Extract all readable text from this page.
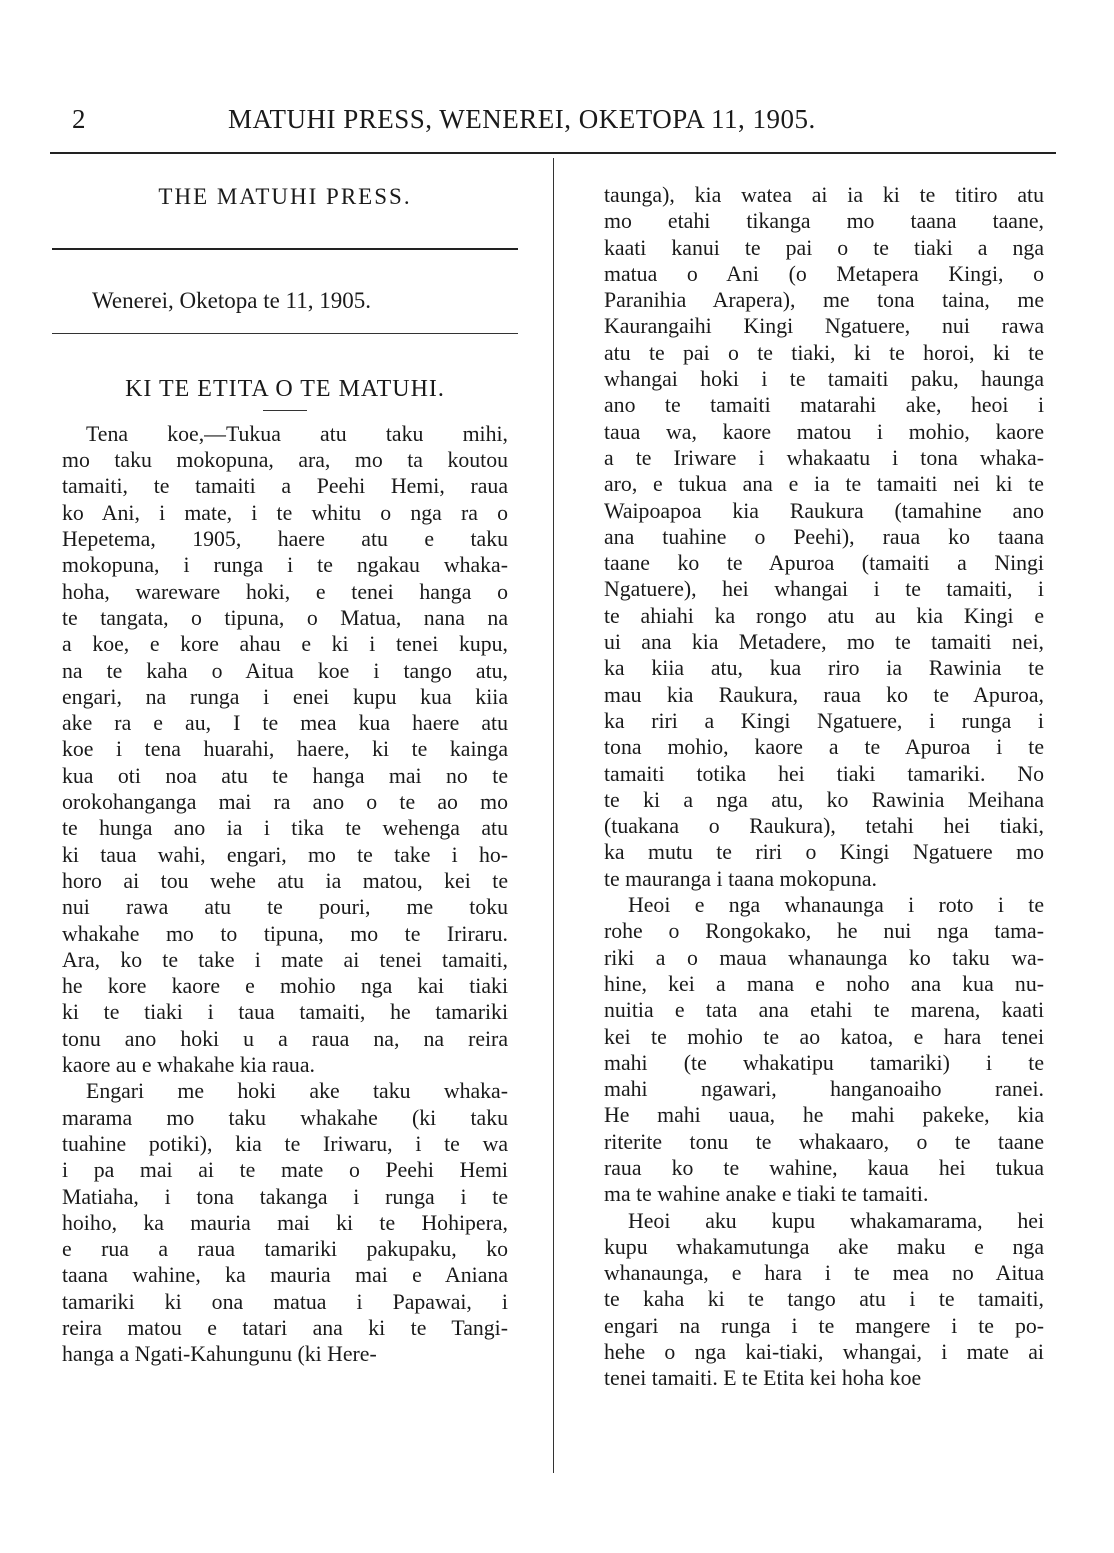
2	MATUHI PRESS, WENEREI, OKETOPA 11, 1905.
THE MATUHI PRESS.
Wenerei, Oketopa te 11, 1905.
KI TE ETITA O TE MATUHI.

Tena koe,—Tukua atu taku mihi,
mo taku mokopuna, ara, mo ta koutou
tamaiti, te tamaiti a Peehi Hemi, raua
ko Ani, i mate, i te whitu o nga ra o
Hepetema, 1905, haere atu e taku
mokopuna, i runga i te ngakau whaka-
hoha, wareware hoki, e tenei hanga o
te tangata, o tipuna, o Matua, nana na
a koe, e kore ahau e ki i tenei kupu,
na te kaha o Aitua koe i tango atu,
engari, na runga i enei kupu kua kiia
ake ra e au, I te mea kua haere atu
koe i tena huarahi, haere, ki te kainga
kua oti noa atu te hanga mai no te
orokohanganga mai ra ano o te ao mo
te hunga ano ia i tika te wehenga atu
ki taua wahi, engari, mo te take i ho-
horo ai tou wehe atu ia matou, kei te
nui rawa atu te pouri, me toku
whakahe mo to tipuna, mo te Iriraru.
Ara, ko te take i mate ai tenei tamaiti,
he kore kaore e mohio nga kai tiaki
ki te tiaki i taua tamaiti, he tamariki
tonu ano hoki u a raua na, na reira
kaore au e whakahe kia raua.

Engari me hoki ake taku whaka-
marama mo taku whakahe (ki taku
tuahine potiki), kia te Iriwaru, i te wa
i pa mai ai te mate o Peehi Hemi
Matiaha, i tona takanga i runga i te
hoiho, ka mauria mai ki te Hohipera,
e rua a raua tamariki pakupaku, ko
taana wahine, ka mauria mai e Aniana
tamariki ki ona matua i Papawai, i
reira matou e tatari ana ki te Tangi-
hanga a Ngati-Kahungunu (ki Here-

taunga), kia watea ai ia ki te titiro atu
mo etahi tikanga mo taana taane,
kaati kanui te pai o te tiaki a nga
matua o Ani (o Metapera Kingi, o
Paranihia Arapera), me tona taina, me
Kaurangaihi Kingi Ngatuere, nui rawa
atu te pai o te tiaki, ki te horoi, ki te
whangai hoki i te tamaiti paku, haunga
ano te tamaiti matarahi ake, heoi i
taua wa, kaore matou i mohio, kaore
a te Iriware i whakaatu i tona whaka-
aro, e tukua ana e ia te tamaiti nei ki te
Waipoapoa kia Raukura (tamahine ano
ana tuahine o Peehi), raua ko taana
taane ko te Apuroa (tamaiti a Ningi
Ngatuere), hei whangai i te tamaiti, i
te ahiahi ka rongo atu au kia Kingi e
ui ana kia Metadere, mo te tamaiti nei,
ka kiia atu, kua riro ia Rawinia te
mau kia Raukura, raua ko te Apuroa,
ka riri a Kingi Ngatuere, i runga i
tona mohio, kaore a te Apuroa i te
tamaiti totika hei tiaki tamariki. No
te ki a nga atu, ko Rawinia Meihana
(tuakana o Raukura), tetahi hei tiaki,
ka mutu te riri o Kingi Ngatuere mo
te mauranga i taana mokopuna.

Heoi e nga whanaunga i roto i te
rohe o Rongokako, he nui nga tama-
riki a o maua whanaunga ko taku wa-
hine, kei a mana e noho ana kua nu-
nuitia e tata ana etahi te marena, kaati
kei te mohio te ao katoa, e hara tenei
mahi (te whakatipu tamariki) i te
mahi ngawari, hanganoaiho ranei.
He mahi uaua, he mahi pakeke, kia
riterite tonu te whakaaro, o te taane
raua ko te wahine, kaua hei tukua
ma te wahine anake e tiaki te tamaiti.

Heoi aku kupu whakamarama, hei
kupu whakamutunga ake maku e nga
whanaunga, e hara i te mea no Aitua
te kaha ki te tango atu i te tamaiti,
engari na runga i te mangere i te po-
hehe o nga kai-tiaki, whangai, i mate ai
tenei tamaiti. E te Etita kei hoha koe
